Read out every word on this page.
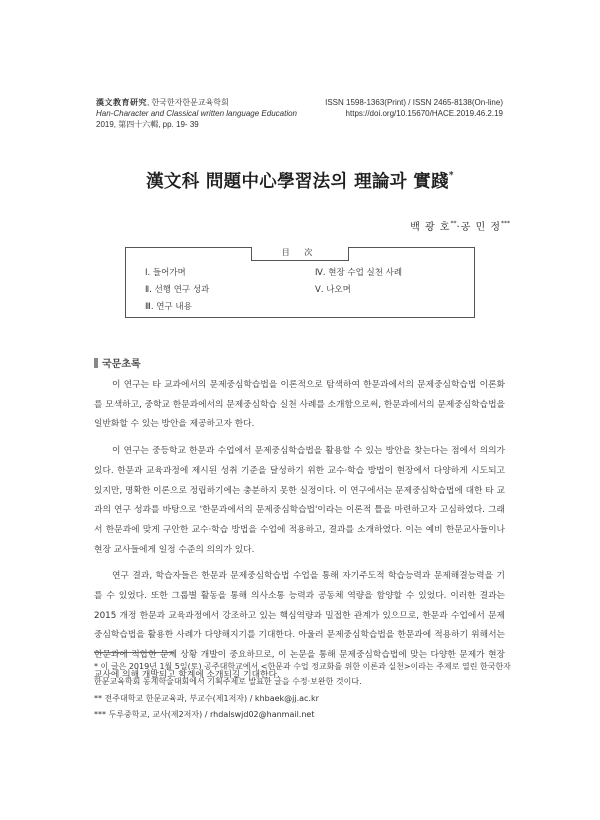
漢文教育研究, 한국한자한문교육학회
Han-Character and Classical written language Education
2019, 第四十六輯, pp. 19- 39
ISSN 1598-1363(Print) / ISSN 2465-8138(On-line)
https://doi.org/10.15670/HACE.2019.46.2.19
漢文科 問題中心學習法의 理論과 實踐*
백 광 호**·공 민 정***
目 次
Ⅰ. 들어가며
Ⅱ. 선행 연구 성과
Ⅲ. 연구 내용
Ⅳ. 현장 수업 실천 사례
Ⅴ. 나오며
국문초록

이 연구는 타 교과에서의 문제중심학습법을 이론적으로 탐색하여 한문과에서의 문제중심학습법 이론화를 모색하고, 중학교 한문과에서의 문제중심학습 실천 사례를 소개함으로써, 한문과에서의 문제중심학습법을 일반화할 수 있는 방안을 제공하고자 한다.

이 연구는 중등학교 한문과 수업에서 문제중심학습법을 활용할 수 있는 방안을 찾는다는 점에서 의의가 있다. 한문과 교육과정에 제시된 성취 기준을 달성하기 위한 교수·학습 방법이 현장에서 다양하게 시도되고 있지만, 명확한 이론으로 정립하기에는 충분하지 못한 실정이다. 이 연구에서는 문제중심학습법에 대한 타 교과의 연구 성과를 바탕으로 '한문과에서의 문제중심학습법'이라는 이론적 틀을 마련하고자 고심하였다. 그래서 한문과에 맞게 구안한 교수·학습 방법을 수업에 적용하고, 결과를 소개하였다. 이는 예비 한문교사들이나 현장 교사들에게 일정 수준의 의의가 있다.

연구 결과, 학습자들은 한문과 문제중심학습법 수업을 통해 자기주도적 학습능력과 문제해결능력을 기를 수 있었다. 또한 그룹별 활동을 통해 의사소통 능력과 공동체 역량을 함양할 수 있었다. 이러한 결과는 2015 개정 한문과 교육과정에서 강조하고 있는 핵심역량과 밀접한 관계가 있으므로, 한문과 수업에서 문제중심학습법을 활용한 사례가 다양해지기를 기대한다. 아울러 문제중심학습법을 한문과에 적용하기 위해서는 한문과에 적합한 문제 상황 개발이 중요하므로, 이 논문을 통해 문제중심학습법에 맞는 다양한 문제가 현장 교사에 의해 개발되고 학계에 소개되길 기대한다.

* 이 글은 2019년 1월 5일(토) 공주대학교에서 <한문과 수업 정교화를 위한 이론과 실천>이라는 주제로 열린 한국한자한문교육학회 동계학술대회에서 기획주제로 발표한 글을 수정·보완한 것이다.
** 전주대학교 한문교육과, 부교수(제1저자) / khbaek@jj.ac.kr
*** 두루중학교, 교사(제2저자) / rhdalswjd02@hanmail.net
